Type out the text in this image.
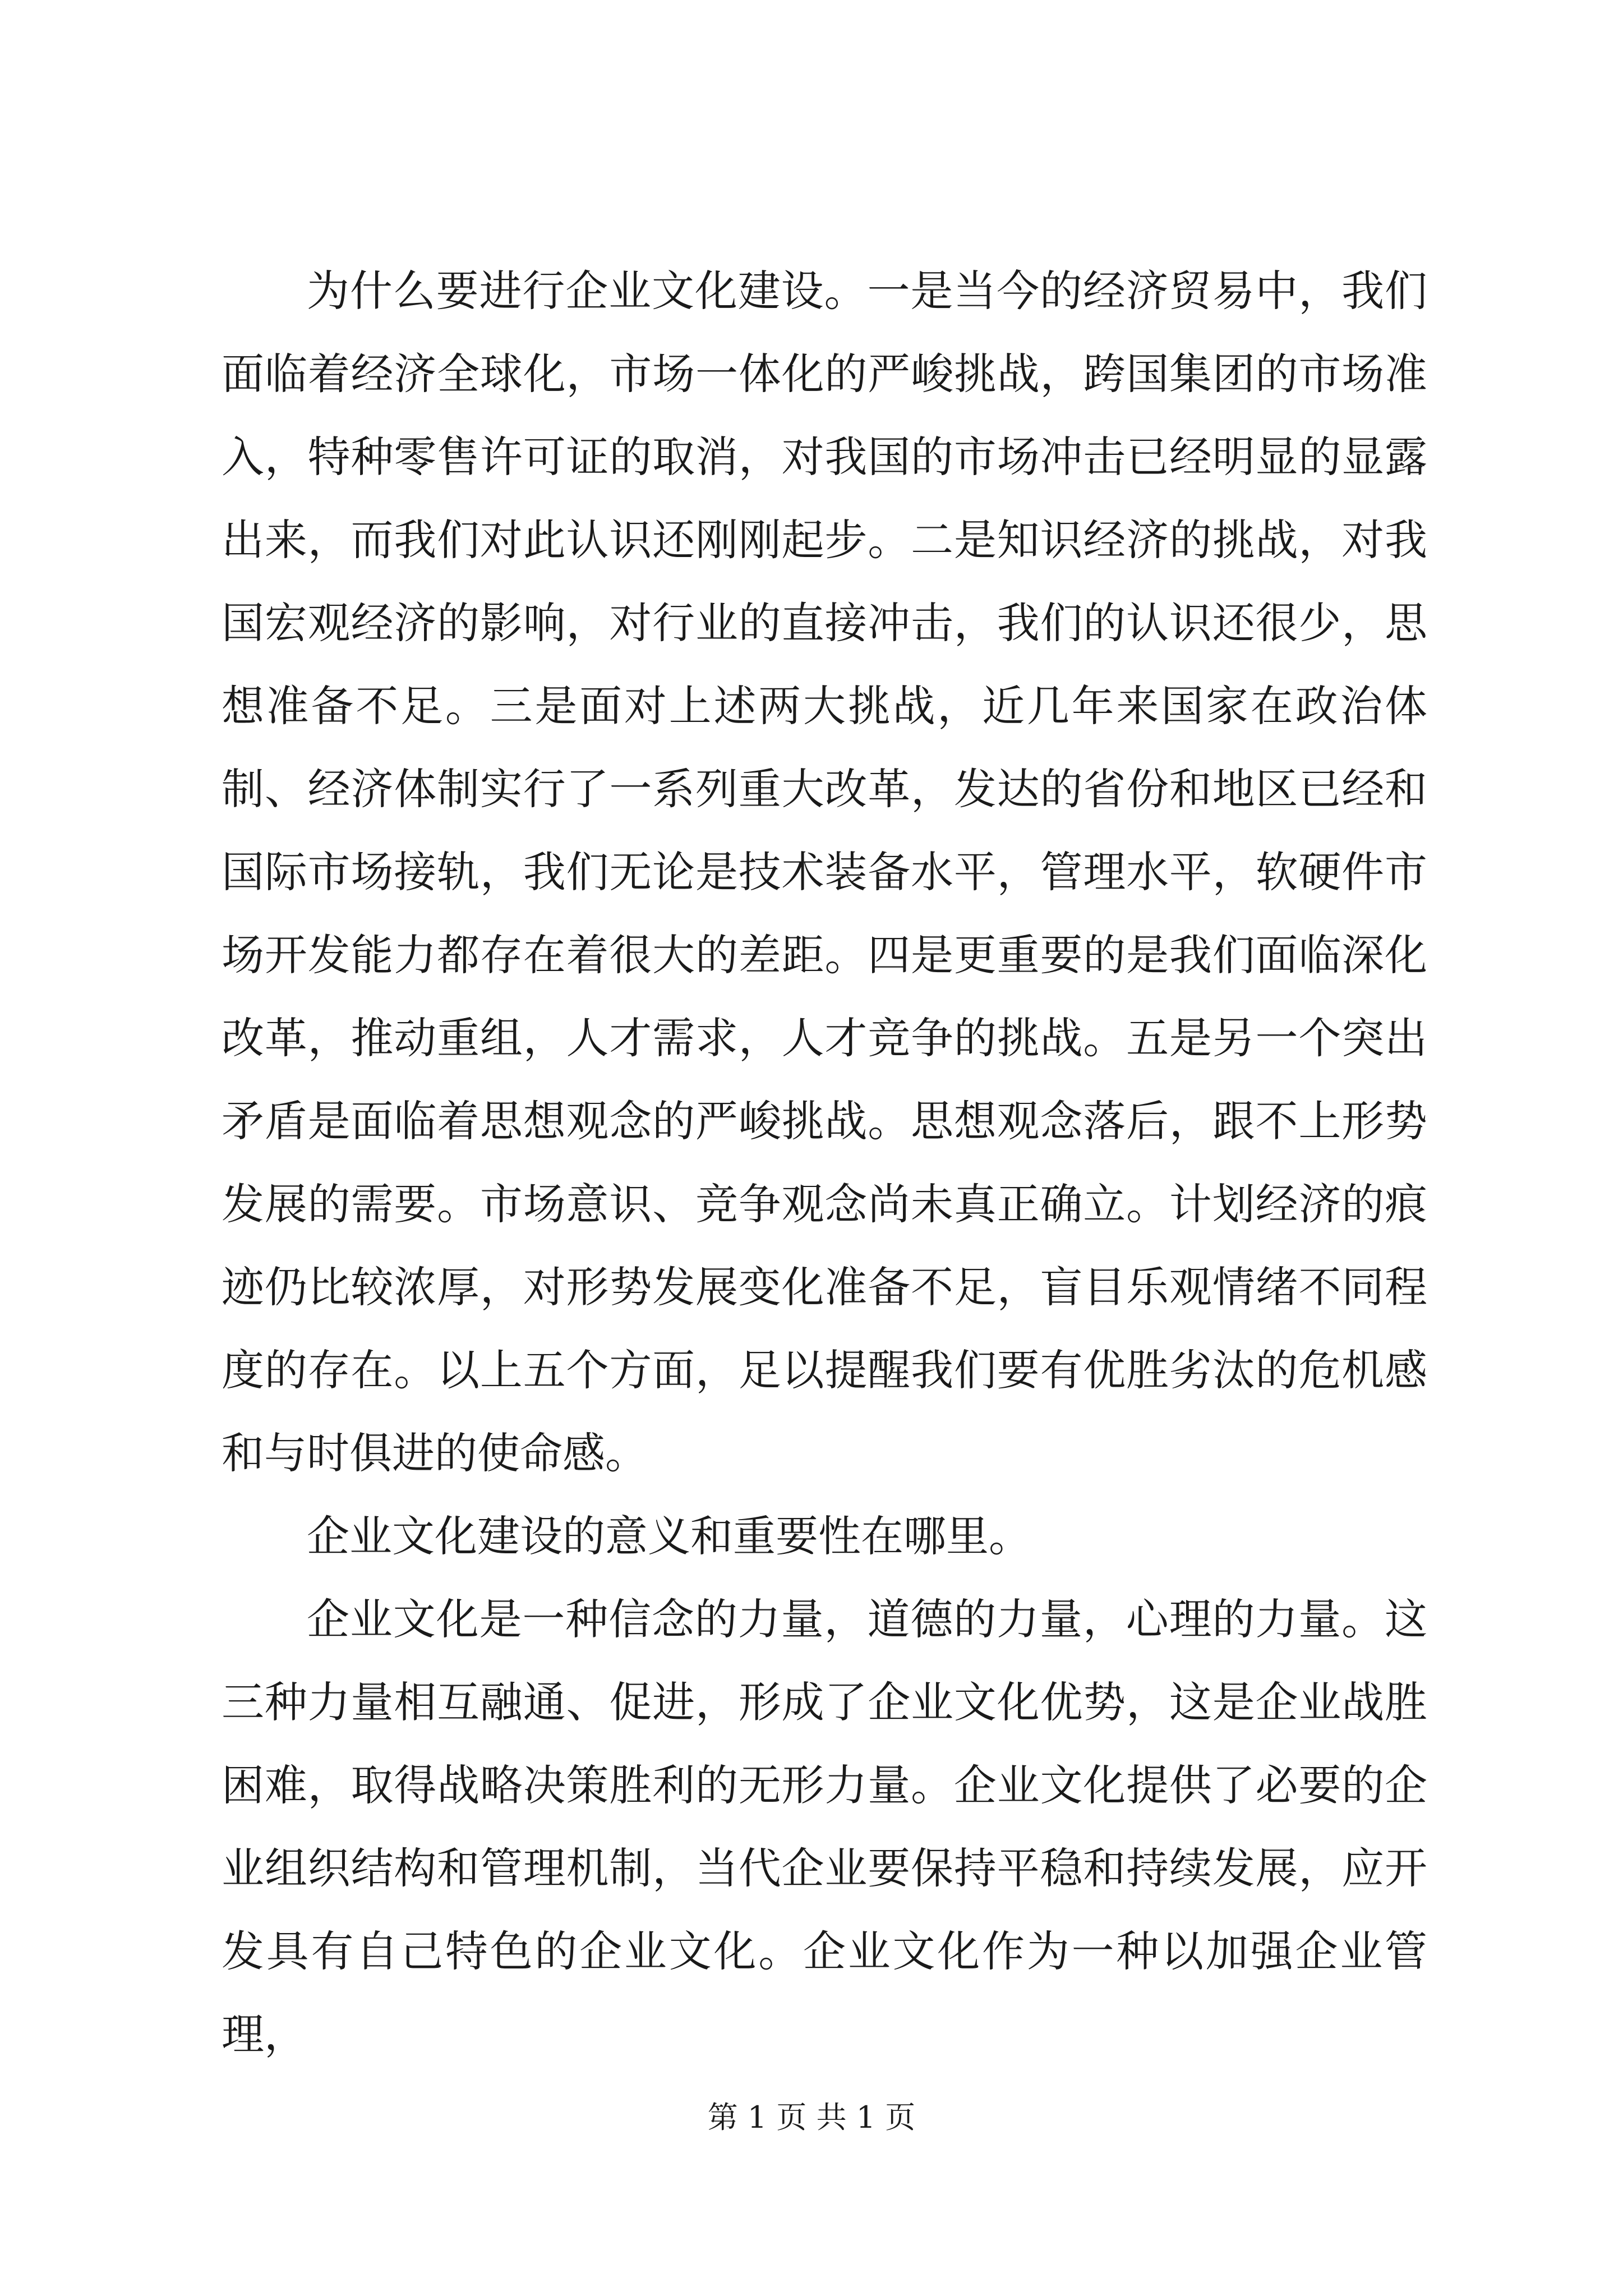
为什么要进行企业文化建设。一是当今的经济贸易中，我们面临着经济全球化，市场一体化的严峻挑战，跨国集团的市场准入，特种零售许可证的取消，对我国的市场冲击已经明显的显露出来，而我们对此认识还刚刚起步。二是知识经济的挑战，对我国宏观经济的影响，对行业的直接冲击，我们的认识还很少，思想准备不足。三是面对上述两大挑战，近几年来国家在政治体制、经济体制实行了一系列重大改革，发达的省份和地区已经和国际市场接轨，我们无论是技术装备水平，管理水平，软硬件市场开发能力都存在着很大的差距。四是更重要的是我们面临深化改革，推动重组，人才需求，人才竞争的挑战。五是另一个突出矛盾是面临着思想观念的严峻挑战。思想观念落后，跟不上形势发展的需要。市场意识、竞争观念尚未真正确立。计划经济的痕迹仍比较浓厚，对形势发展变化准备不足，盲目乐观情绪不同程度的存在。以上五个方面，足以提醒我们要有优胜劣汰的危机感和与时俱进的使命感。

企业文化建设的意义和重要性在哪里。

企业文化是一种信念的力量，道德的力量，心理的力量。这三种力量相互融通、促进，形成了企业文化优势，这是企业战胜困难，取得战略决策胜利的无形力量。企业文化提供了必要的企业组织结构和管理机制，当代企业要保持平稳和持续发展，应开发具有自己特色的企业文化。企业文化作为一种以加强企业管理，

第 1 页 共 1 页
